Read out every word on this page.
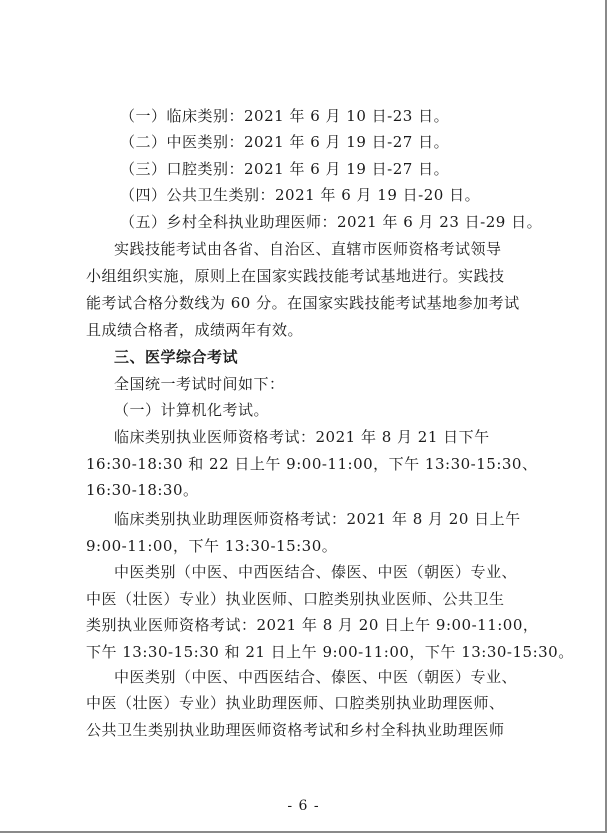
（一）临床类别：2021 年 6 月 10 日-23 日。
（二）中医类别：2021 年 6 月 19 日-27 日。
（三）口腔类别：2021 年 6 月 19 日-27 日。
（四）公共卫生类别：2021 年 6 月 19 日-20 日。
（五）乡村全科执业助理医师：2021 年 6 月 23 日-29 日。
实践技能考试由各省、自治区、直辖市医师资格考试领导
小组组织实施，原则上在国家实践技能考试基地进行。实践技
能考试合格分数线为 60 分。在国家实践技能考试基地参加考试
且成绩合格者，成绩两年有效。
三、医学综合考试
全国统一考试时间如下：
（一）计算机化考试。
临床类别执业医师资格考试：2021 年 8 月 21 日下午
16:30-18:30 和 22 日上午 9:00-11:00，下午 13:30-15:30、
16:30-18:30。
临床类别执业助理医师资格考试：2021 年 8 月 20 日上午
9:00-11:00，下午 13:30-15:30。
中医类别（中医、中西医结合、傣医、中医（朝医）专业、
中医（壮医）专业）执业医师、口腔类别执业医师、公共卫生
类别执业医师资格考试：2021 年 8 月 20 日上午 9:00-11:00，
下午 13:30-15:30 和 21 日上午 9:00-11:00，下午 13:30-15:30。
中医类别（中医、中西医结合、傣医、中医（朝医）专业、
中医（壮医）专业）执业助理医师、口腔类别执业助理医师、
公共卫生类别执业助理医师资格考试和乡村全科执业助理医师
- 6 -
